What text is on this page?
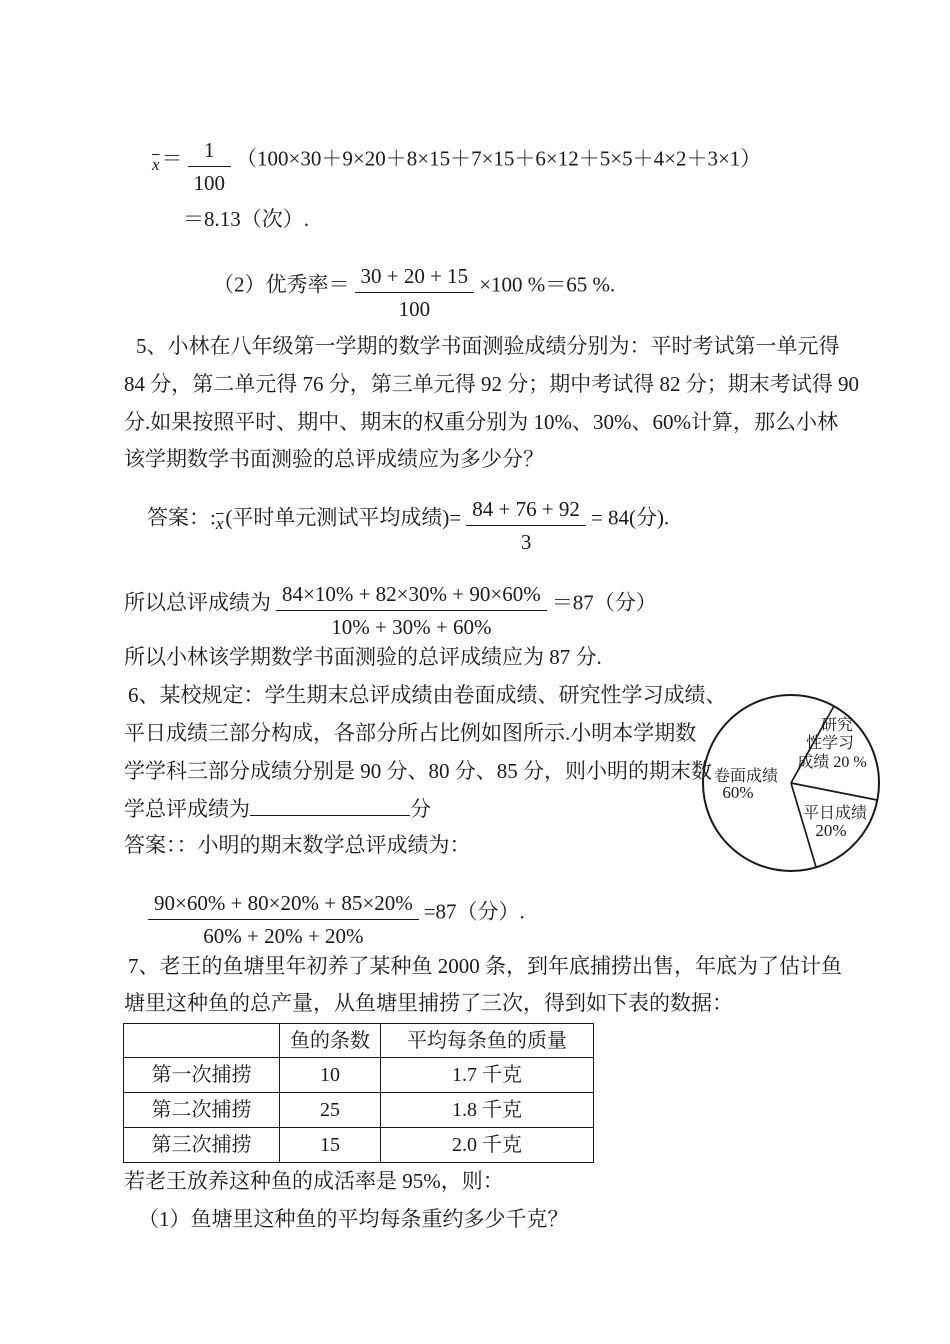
$_{\overline{x}}= \frac{1}{100} (100\times 30+9\times 20+8\times 15+7\times 15+6\times 12+5\times 5+4\times 2+3\times 1)$
＝8.13（次）.
（2）优秀率＝ $\frac{30 + 20 + 15}{100} \times 100$ %＝65 %.
5、小林在八年级第一学期的数学书面测验成绩分别为：平时考试第一单元得
84 分，第二单元得 76 分，第三单元得 92 分；期中考试得 82 分；期末考试得 90
分.如果按照平时、期中、期末的权重分别为 10%、30%、60%计算，那么小林
该学期数学书面测验的总评成绩应为多少分？
答案：$:_{\overline{x}}$(平时单元测试平均成绩)= $\frac{84 + 76 + 92}{3} = 84$(分).
所以总评成绩为 $\frac{84\times 10\% + 82\times 30\% + 90\times 60\%}{10\% + 30\% + 60\%} =87$（分）
所以小林该学期数学书面测验的总评成绩应为 87 分.
6、某校规定：学生期末总评成绩由卷面成绩、研究性学习成绩、
平日成绩三部分构成，各部分所占比例如图所示.小明本学期数
学学科三部分成绩分别是 90 分、80 分、85 分，则小明的期末数
学总评成绩为	分
答案：：小明的期末数学总评成绩为：
研究
性学习
成绩 20 %
卷面成绩
60%
平日成绩
20%
$\frac{90\times 60\% + 80\times 20\% + 85\times 20\%}{60\% + 20\% + 20\%} =87$（分）.
7、老王的鱼塘里年初养了某种鱼 2000 条，到年底捕捞出售，年底为了估计鱼
塘里这种鱼的总产量，从鱼塘里捕捞了三次，得到如下表的数据：
	鱼的条数	平均每条鱼的质量
第一次捕捞	10	1.7 千克
第二次捕捞	25	1.8 千克
第三次捕捞	15	2.0 千克
若老王放养这种鱼的成活率是 95%，则：
（1）鱼塘里这种鱼的平均每条重约多少千克？
